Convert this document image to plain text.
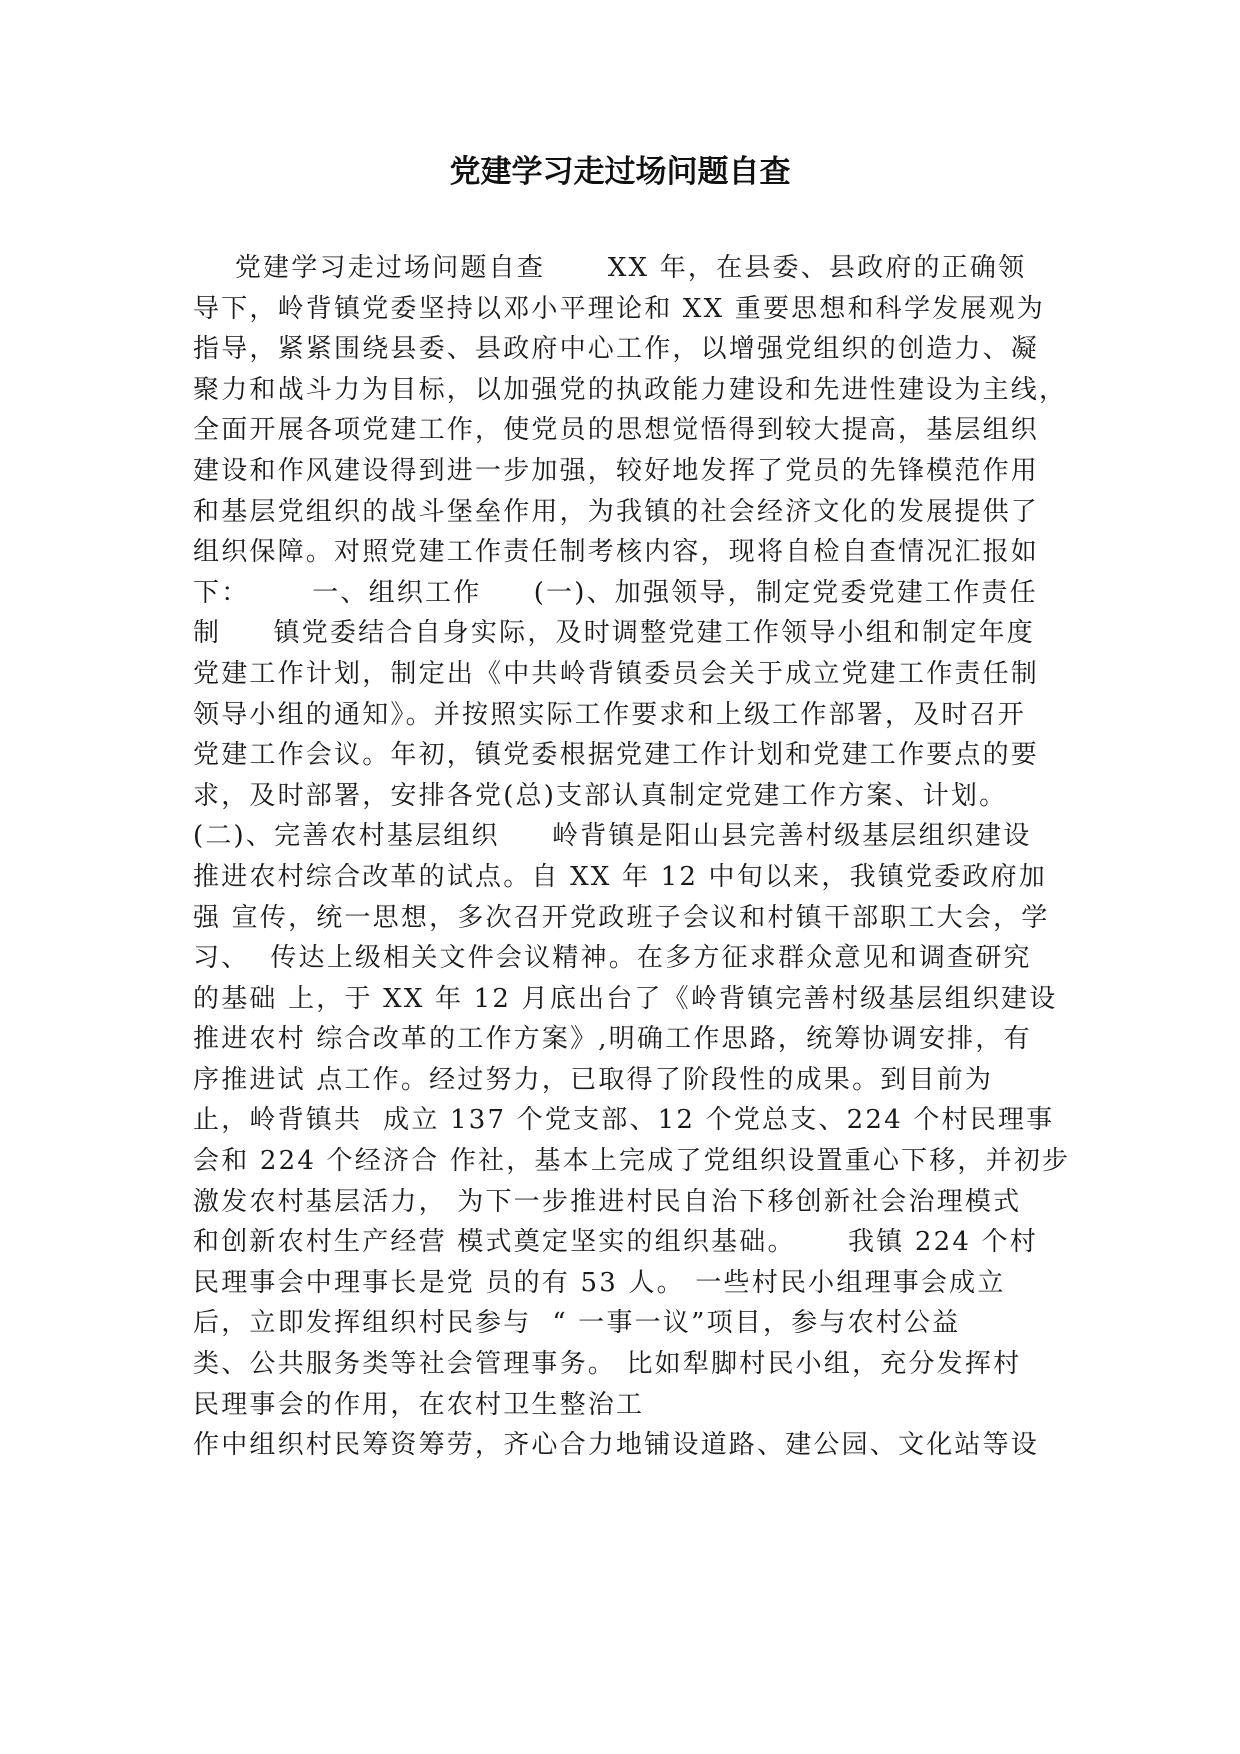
党建学习走过场问题自查
党建学习走过场问题自查      XX 年，在县委、县政府的正确领
导下，岭背镇党委坚持以邓小平理论和 XX 重要思想和科学发展观为
指导，紧紧围绕县委、县政府中心工作，以增强党组织的创造力、凝
聚力和战斗力为目标，以加强党的执政能力建设和先进性建设为主线，
全面开展各项党建工作，使党员的思想觉悟得到较大提高，基层组织
建设和作风建设得到进一步加强，较好地发挥了党员的先锋模范作用
和基层党组织的战斗堡垒作用，为我镇的社会经济文化的发展提供了
组织保障。对照党建工作责任制考核内容，现将自检自查情况汇报如
下：      一、组织工作     (一)、加强领导，制定党委党建工作责任
制     镇党委结合自身实际，及时调整党建工作领导小组和制定年度
党建工作计划，制定出《中共岭背镇委员会关于成立党建工作责任制
领导小组的通知》。并按照实际工作要求和上级工作部署，及时召开
党建工作会议。年初，镇党委根据党建工作计划和党建工作要点的要
求，及时部署，安排各党(总)支部认真制定党建工作方案、计划。
(二)、完善农村基层组织     岭背镇是阳山县完善村级基层组织建设
推进农村综合改革的试点。自 XX 年 12 中旬以来，我镇党委政府加
强 宣传，统一思想，多次召开党政班子会议和村镇干部职工大会，学
习、  传达上级相关文件会议精神。在多方征求群众意见和调查研究
的基础 上，于 XX 年 12 月底出台了《岭背镇完善村级基层组织建设
推进农村 综合改革的工作方案》,明确工作思路，统筹协调安排，有
序推进试 点工作。经过努力，已取得了阶段性的成果。到目前为
止，岭背镇共  成立 137 个党支部、12 个党总支、224 个村民理事
会和 224 个经济合 作社，基本上完成了党组织设置重心下移，并初步
激发农村基层活力， 为下一步推进村民自治下移创新社会治理模式
和创新农村生产经营 模式奠定坚实的组织基础。     我镇 224 个村
民理事会中理事长是党 员的有 53 人。 一些村民小组理事会成立
后，立即发挥组织村民参与  “ 一事一议”项目，参与农村公益
类、公共服务类等社会管理事务。 比如犁脚村民小组，充分发挥村
民理事会的作用，在农村卫生整治工
作中组织村民筹资筹劳，齐心合力地铺设道路、建公园、文化站等设
